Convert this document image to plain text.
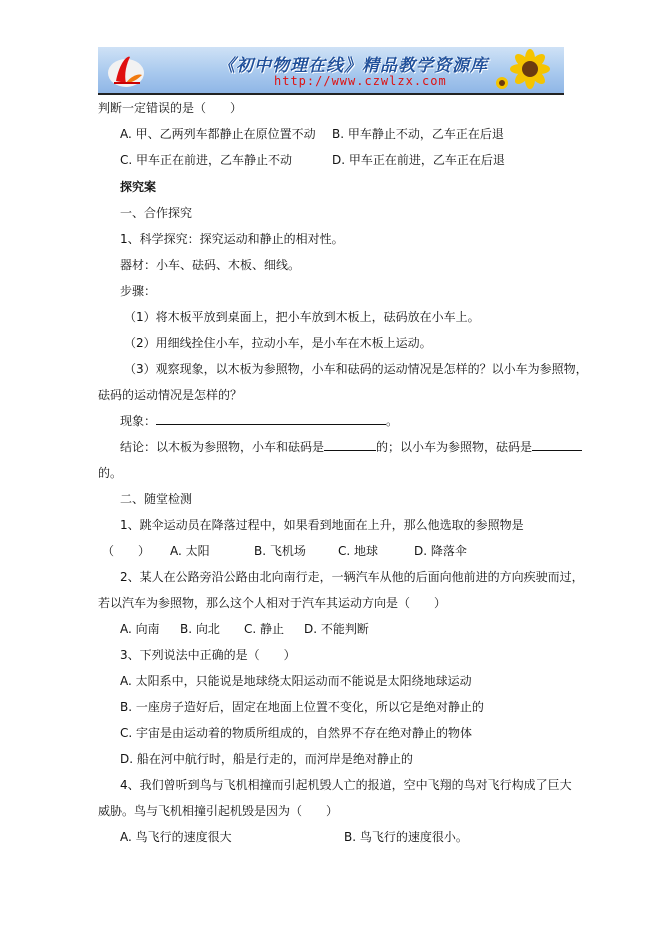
《初中物理在线》精品教学资源库
http://www.czwlzx.com
判断一定错误的是（　　）
A. 甲、乙两列车都静止在原位置不动 B. 甲车静止不动，乙车正在后退
C. 甲车正在前进，乙车静止不动	D. 甲车正在前进，乙车正在后退
探究案
一、合作探究
1、科学探究：探究运动和静止的相对性。
器材：小车、砝码、木板、细线。
步骤：
（1）将木板平放到桌面上，把小车放到木板上，砝码放在小车上。
（2）用细线拴住小车，拉动小车，是小车在木板上运动。
（3）观察现象，以木板为参照物，小车和砝码的运动情况是怎样的？以小车为参照物，
砝码的运动情况是怎样的？
现象：	。
结论：以木板为参照物，小车和砝码是	的；以小车为参照物，砝码是
的。
二、随堂检测
1、跳伞运动员在降落过程中，如果看到地面在上升，那么他选取的参照物是
（　　） A. 太阳	B. 飞机场	C. 地球	D. 降落伞
2、某人在公路旁沿公路由北向南行走，一辆汽车从他的后面向他前进的方向疾驶而过，
若以汽车为参照物，那么这个人相对于汽车其运动方向是（　　）
A. 向南 B. 向北 C. 静止 D. 不能判断
3、下列说法中正确的是（　　）
A. 太阳系中，只能说是地球绕太阳运动而不能说是太阳绕地球运动
B. 一座房子造好后，固定在地面上位置不变化，所以它是绝对静止的
C. 宇宙是由运动着的物质所组成的，自然界不存在绝对静止的物体
D. 船在河中航行时，船是行走的，而河岸是绝对静止的
4、我们曾听到鸟与飞机相撞而引起机毁人亡的报道，空中飞翔的鸟对飞行构成了巨大
威胁。鸟与飞机相撞引起机毁是因为（　　）
A. 鸟飞行的速度很大	B. 鸟飞行的速度很小。
